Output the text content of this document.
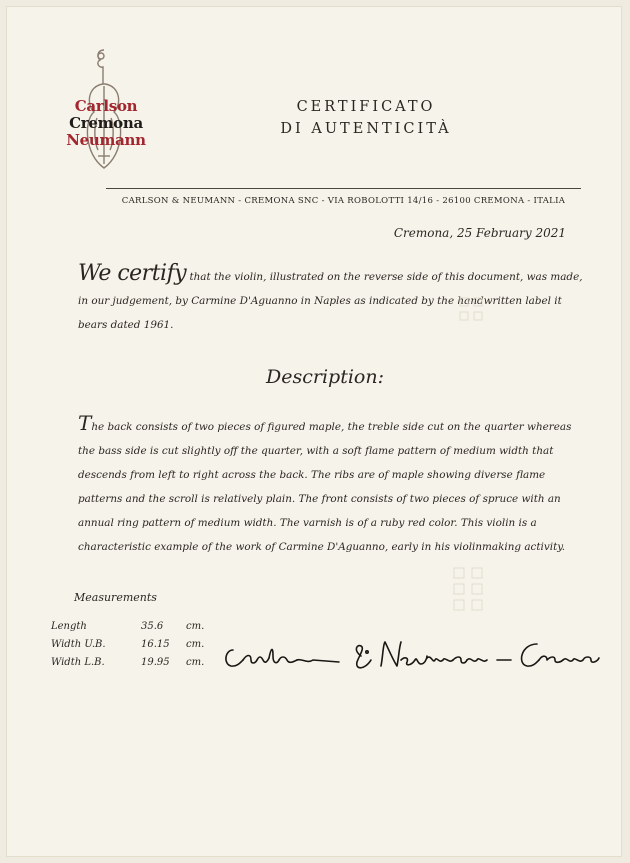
Carlson
Cremona
Neumann
CERTIFICATO
DI AUTENTICITÀ
CARLSON & NEUMANN - CREMONA SNC - VIA ROBOLOTTI 14/16 - 26100 CREMONA - ITALIA
Cremona, 25 February 2021
We certify that the violin, illustrated on the reverse side of this document, was made, in our judgement, by Carmine D'Aguanno in Naples as indicated by the handwritten label it bears dated 1961.
Description:
The back consists of two pieces of figured maple, the treble side cut on the quarter whereas the bass side is cut slightly off the quarter, with a soft flame pattern of medium width that descends from left to right across the back. The ribs are of maple showing diverse flame patterns and the scroll is relatively plain. The front consists of two pieces of spruce with an annual ring pattern of medium width. The varnish is of a ruby red color. This violin is a characteristic example of the work of Carmine D'Aguanno, early in his violinmaking activity.
Measurements
Length	35.6 cm.
Width U.B.	16.15 cm.
Width L.B.	19.95 cm.
